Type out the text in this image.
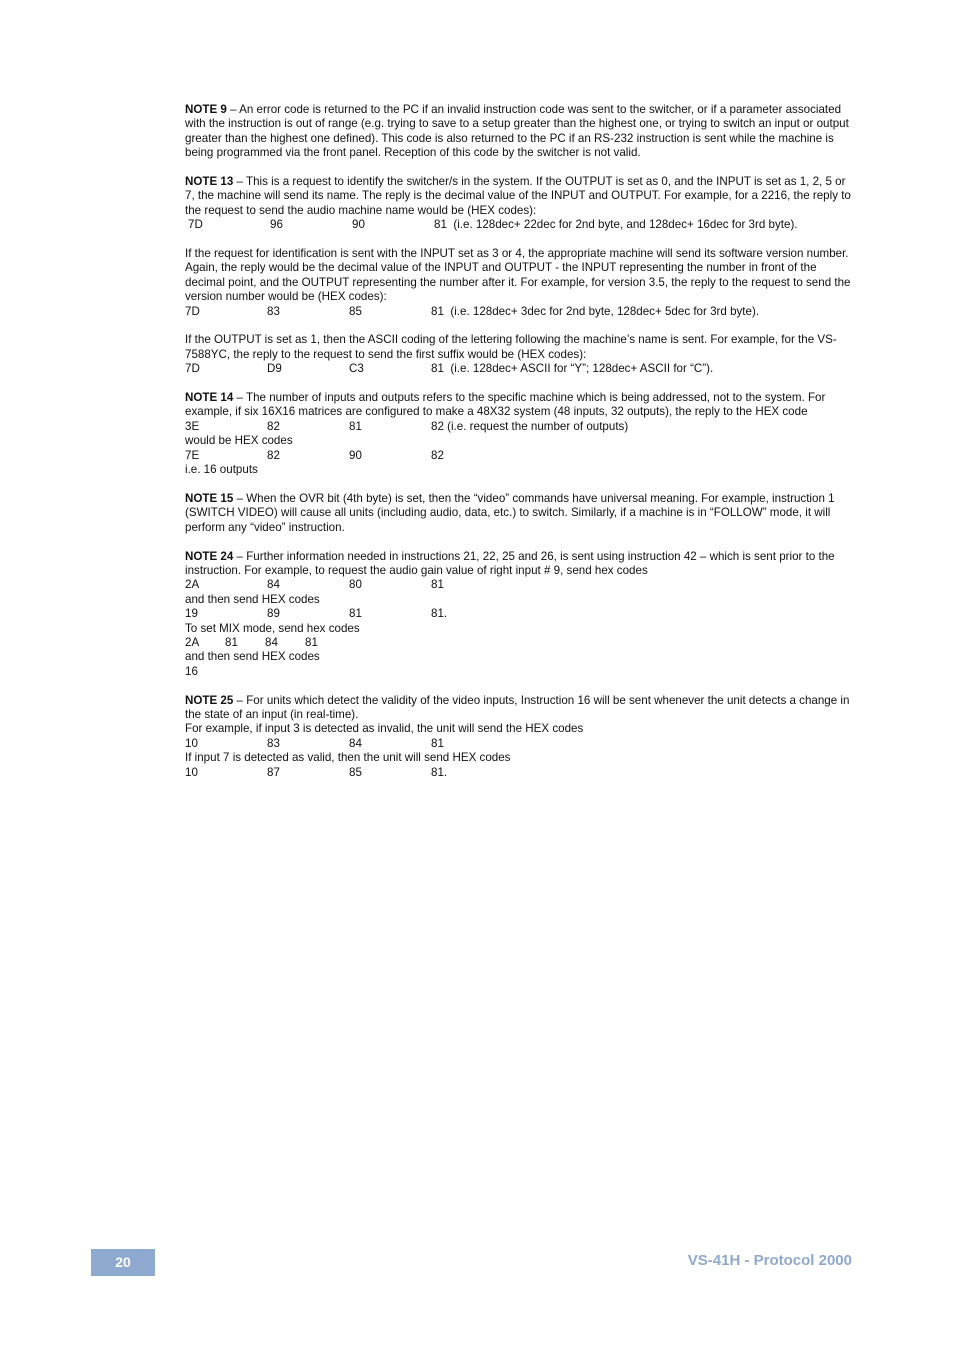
NOTE 9 – An error code is returned to the PC if an invalid instruction code was sent to the switcher, or if a parameter associated with the instruction is out of range (e.g. trying to save to a setup greater than the highest one, or trying to switch an input or output greater than the highest one defined). This code is also returned to the PC if an RS-232 instruction is sent while the machine is being programmed via the front panel. Reception of this code by the switcher is not valid.

NOTE 13 – This is a request to identify the switcher/s in the system. If the OUTPUT is set as 0, and the INPUT is set as 1, 2, 5 or 7, the machine will send its name. The reply is the decimal value of the INPUT and OUTPUT. For example, for a 2216, the reply to the request to send the audio machine name would be (HEX codes):

7D	96	90	81  (i.e. 128dec+ 22dec for 2nd byte, and 128dec+ 16dec for 3rd byte).

If the request for identification is sent with the INPUT set as 3 or 4, the appropriate machine will send its software version number. Again, the reply would be the decimal value of the INPUT and OUTPUT - the INPUT representing the number in front of the decimal point, and the OUTPUT representing the number after it. For example, for version 3.5, the reply to the request to send the version number would be (HEX codes):

7D	83	85	81  (i.e. 128dec+ 3dec for 2nd byte, 128dec+ 5dec for 3rd byte).

If the OUTPUT is set as 1, then the ASCII coding of the lettering following the machine’s name is sent. For example, for the VS-7588YC, the reply to the request to send the first suffix would be (HEX codes):

7D	D9	C3	81  (i.e. 128dec+ ASCII for “Y”; 128dec+ ASCII for “C”).

NOTE 14 – The number of inputs and outputs refers to the specific machine which is being addressed, not to the system. For example, if six 16X16 matrices are configured to make a 48X32 system (48 inputs, 32 outputs), the reply to the HEX code

3E	82	81	82 (i.e. request the number of outputs)

would be HEX codes

7E	82	90	82

i.e. 16 outputs

NOTE 15 – When the OVR bit (4th byte) is set, then the “video” commands have universal meaning. For example, instruction 1 (SWITCH VIDEO) will cause all units (including audio, data, etc.) to switch. Similarly, if a machine is in “FOLLOW” mode, it will perform any “video” instruction.

NOTE 24 – Further information needed in instructions 21, 22, 25 and 26, is sent using instruction 42 – which is sent prior to the instruction. For example, to request the audio gain value of right input # 9, send hex codes

2A	84	80	81

and then send HEX codes

19	89	81	81.

To set MIX mode, send hex codes

2A	81	84	81

and then send HEX codes

16

NOTE 25 – For units which detect the validity of the video inputs, Instruction 16 will be sent whenever the unit detects a change in the state of an input (in real-time).

For example, if input 3 is detected as invalid, the unit will send the HEX codes

10	83	84	81

If input 7 is detected as valid, then the unit will send HEX codes

10	87	85	81.
20	VS-41H - Protocol 2000
